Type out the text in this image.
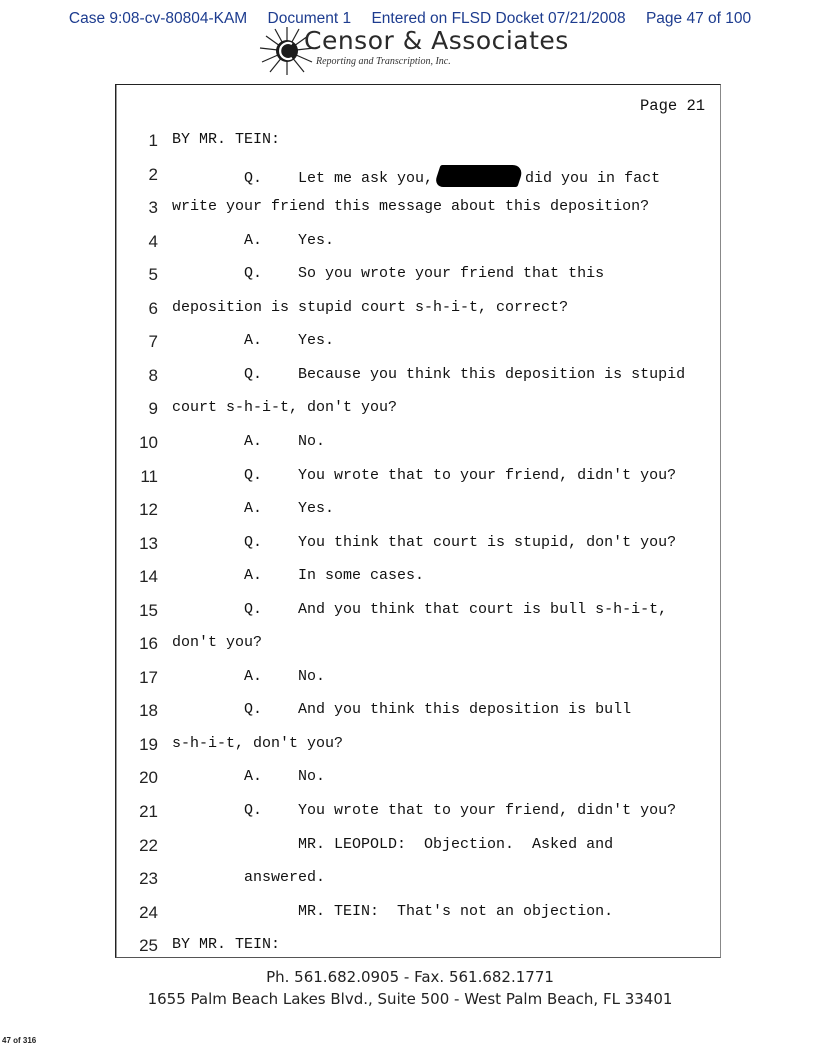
Case 9:08-cv-80804-KAM Document 1 Entered on FLSD Docket 07/21/2008 Page 47 of 100
Censor & Associates
Reporting and Transcription, Inc.
Page 21
1 BY MR. TEIN:
2 Q.    Let me ask you,	did you in fact
3 write your friend this message about this deposition?
4 A.    Yes.
5 Q.    So you wrote your friend that this
6 deposition is stupid court s-h-i-t, correct?
7 A.    Yes.
8 Q.    Because you think this deposition is stupid
9 court s-h-i-t, don't you?
10 A.    No.
11 Q.    You wrote that to your friend, didn't you?
12 A.    Yes.
13 Q.    You think that court is stupid, don't you?
14 A.    In some cases.
15 Q.    And you think that court is bull s-h-i-t,
16 don't you?
17 A.    No.
18 Q.    And you think this deposition is bull
19 s-h-i-t, don't you?
20 A.    No.
21 Q.    You wrote that to your friend, didn't you?
22 MR. LEOPOLD:  Objection.  Asked and
23 answered.
24 MR. TEIN:  That's not an objection.
25 BY MR. TEIN:
Ph. 561.682.0905 - Fax. 561.682.1771
1655 Palm Beach Lakes Blvd., Suite 500 - West Palm Beach, FL 33401
47 of 316
